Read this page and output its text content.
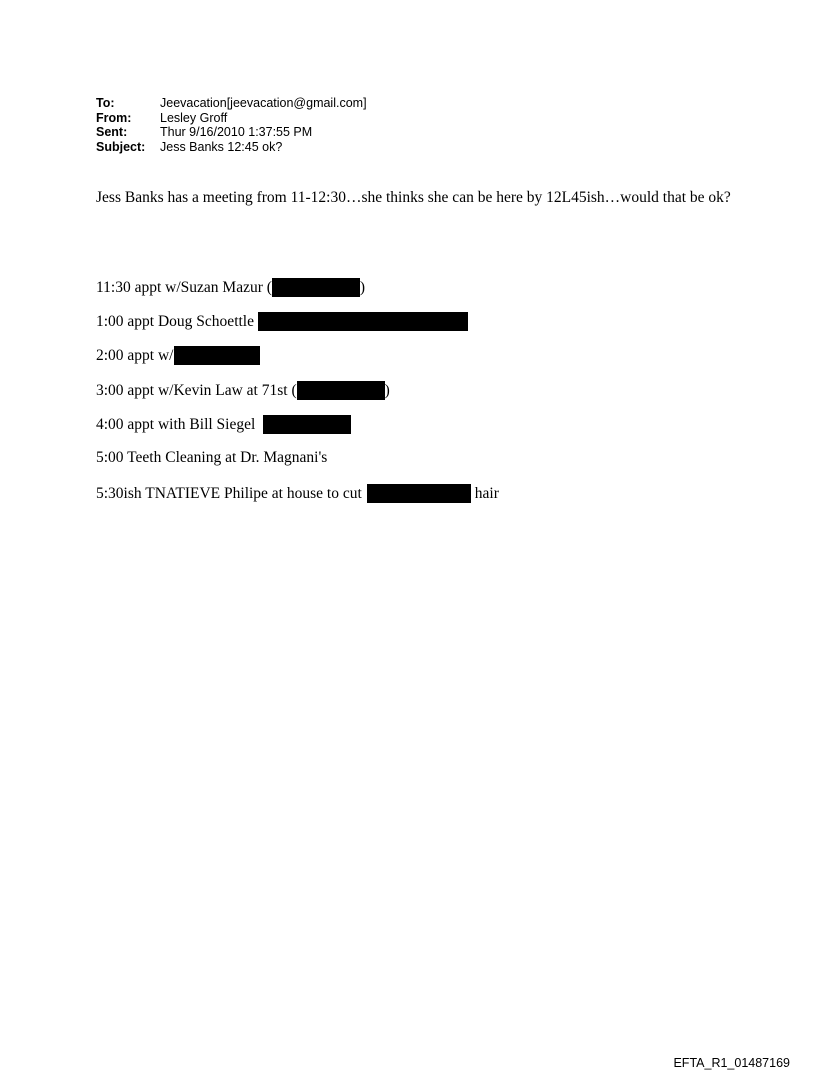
To:	Jeevacation[jeevacation@gmail.com]
From:	Lesley Groff
Sent:	Thur 9/16/2010 1:37:55 PM
Subject:	Jess Banks 12:45 ok?
Jess Banks has a meeting from 11-12:30…she thinks she can be here by 12L45ish…would that be ok?
11:30 appt w/Suzan Mazur (	)
1:00 appt Doug Schoettle
2:00 appt w/
3:00 appt w/Kevin Law at 71st (	)
4:00 appt with Bill Siegel
5:00 Teeth Cleaning at Dr. Magnani's
5:30ish TNATIEVE Philipe at house to cut	hair
EFTA_R1_01487169
